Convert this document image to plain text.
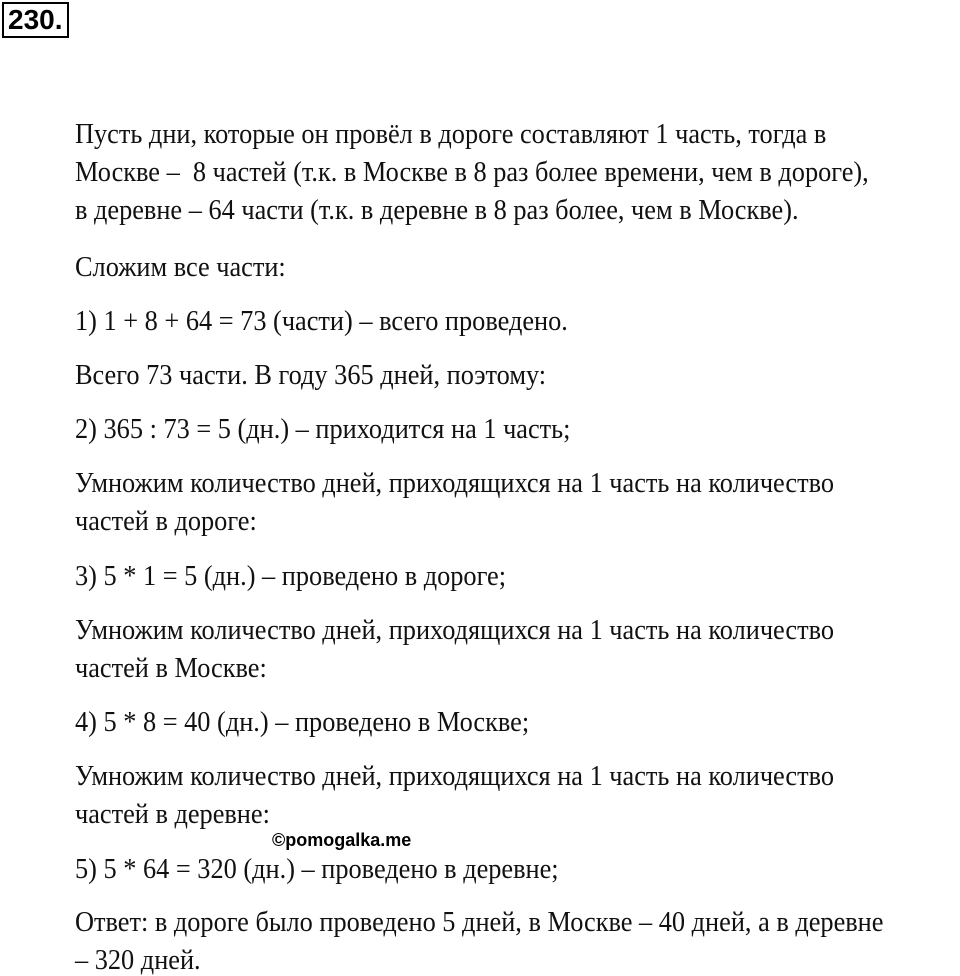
230.
Пусть дни, которые он провёл в дороге составляют 1 часть, тогда в
Москве –  8 частей (т.к. в Москве в 8 раз более времени, чем в дороге),
в деревне – 64 части (т.к. в деревне в 8 раз более, чем в Москве).
Сложим все части:
1) 1 + 8 + 64 = 73 (части) – всего проведено.
Всего 73 части. В году 365 дней, поэтому:
2) 365 : 73 = 5 (дн.) – приходится на 1 часть;
Умножим количество дней, приходящихся на 1 часть на количество
частей в дороге:
3) 5 * 1 = 5 (дн.) – проведено в дороге;
Умножим количество дней, приходящихся на 1 часть на количество
частей в Москве:
4) 5 * 8 = 40 (дн.) – проведено в Москве;
Умножим количество дней, приходящихся на 1 часть на количество
частей в деревне:
©pomogalka.me
5) 5 * 64 = 320 (дн.) – проведено в деревне;
Ответ: в дороге было проведено 5 дней, в Москве – 40 дней, а в деревне
– 320 дней.
